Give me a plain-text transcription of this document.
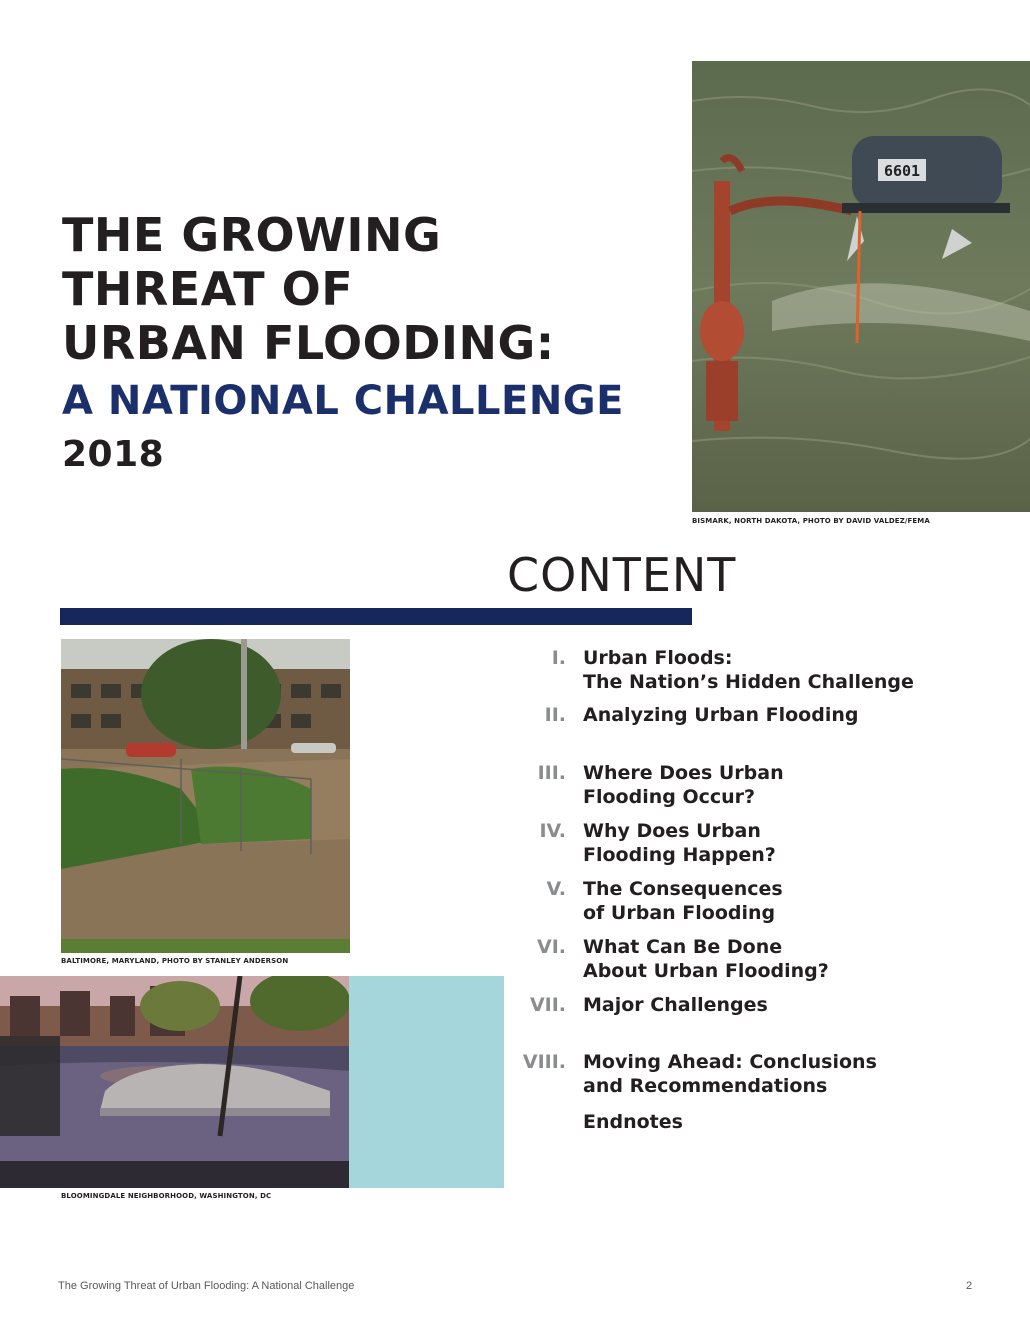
THE GROWING
THREAT OF
URBAN FLOODING:
A NATIONAL CHALLENGE
2018
6601
BISMARK, NORTH DAKOTA, PHOTO BY DAVID VALDEZ/FEMA
CONTENT
BALTIMORE, MARYLAND, PHOTO BY STANLEY ANDERSON
BLOOMINGDALE NEIGHBORHOOD, WASHINGTON, DC
I. Urban Floods:
The Nation’s Hidden Challenge
II. Analyzing Urban Flooding
III. Where Does Urban
Flooding Occur?
IV. Why Does Urban
Flooding Happen?
V. The Consequences
of Urban Flooding
VI. What Can Be Done
About Urban Flooding?
VII. Major Challenges
VIII. Moving Ahead: Conclusions
and Recommendations
Endnotes
The Growing Threat of Urban Flooding: A National Challenge	2
